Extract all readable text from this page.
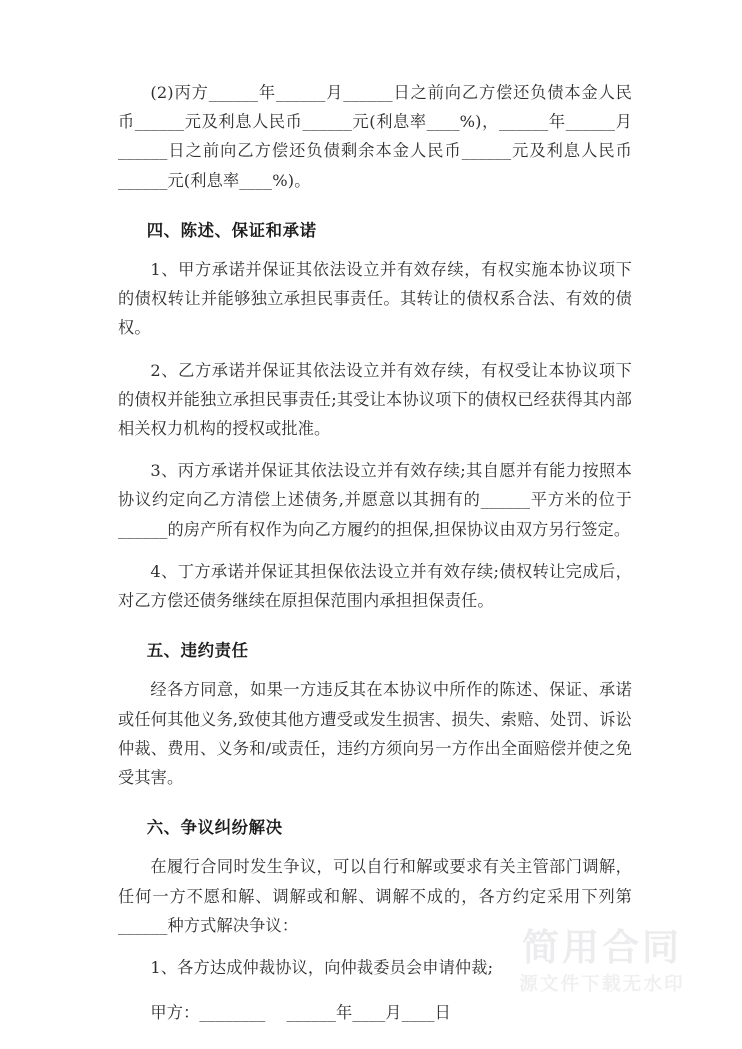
(2)丙方______年______月______日之前向乙方偿还负债本金人民币______元及利息人民币______元(利息率____%)，______年______月______日之前向乙方偿还负债剩余本金人民币______元及利息人民币______元(利息率____%)。

四、陈述、保证和承诺

1、甲方承诺并保证其依法设立并有效存续，有权实施本协议项下的债权转让并能够独立承担民事责任。其转让的债权系合法、有效的债权。

2、乙方承诺并保证其依法设立并有效存续，有权受让本协议项下的债权并能独立承担民事责任;其受让本协议项下的债权已经获得其内部相关权力机构的授权或批准。

3、丙方承诺并保证其依法设立并有效存续;其自愿并有能力按照本协议约定向乙方清偿上述债务,并愿意以其拥有的______平方米的位于______的房产所有权作为向乙方履约的担保,担保协议由双方另行签定。

4、丁方承诺并保证其担保依法设立并有效存续;债权转让完成后，对乙方偿还债务继续在原担保范围内承担担保责任。

五、违约责任

经各方同意，如果一方违反其在本协议中所作的陈述、保证、承诺或任何其他义务,致使其他方遭受或发生损害、损失、索赔、处罚、诉讼仲裁、费用、义务和/或责任，违约方须向另一方作出全面赔偿并使之免受其害。

六、争议纠纷解决

在履行合同时发生争议，可以自行和解或要求有关主管部门调解，任何一方不愿和解、调解或和解、调解不成的，各方约定采用下列第______种方式解决争议：

1、各方达成仲裁协议，向仲裁委员会申请仲裁;

甲方：________    ______年____月____日

简用合同
源文件下载无水印
